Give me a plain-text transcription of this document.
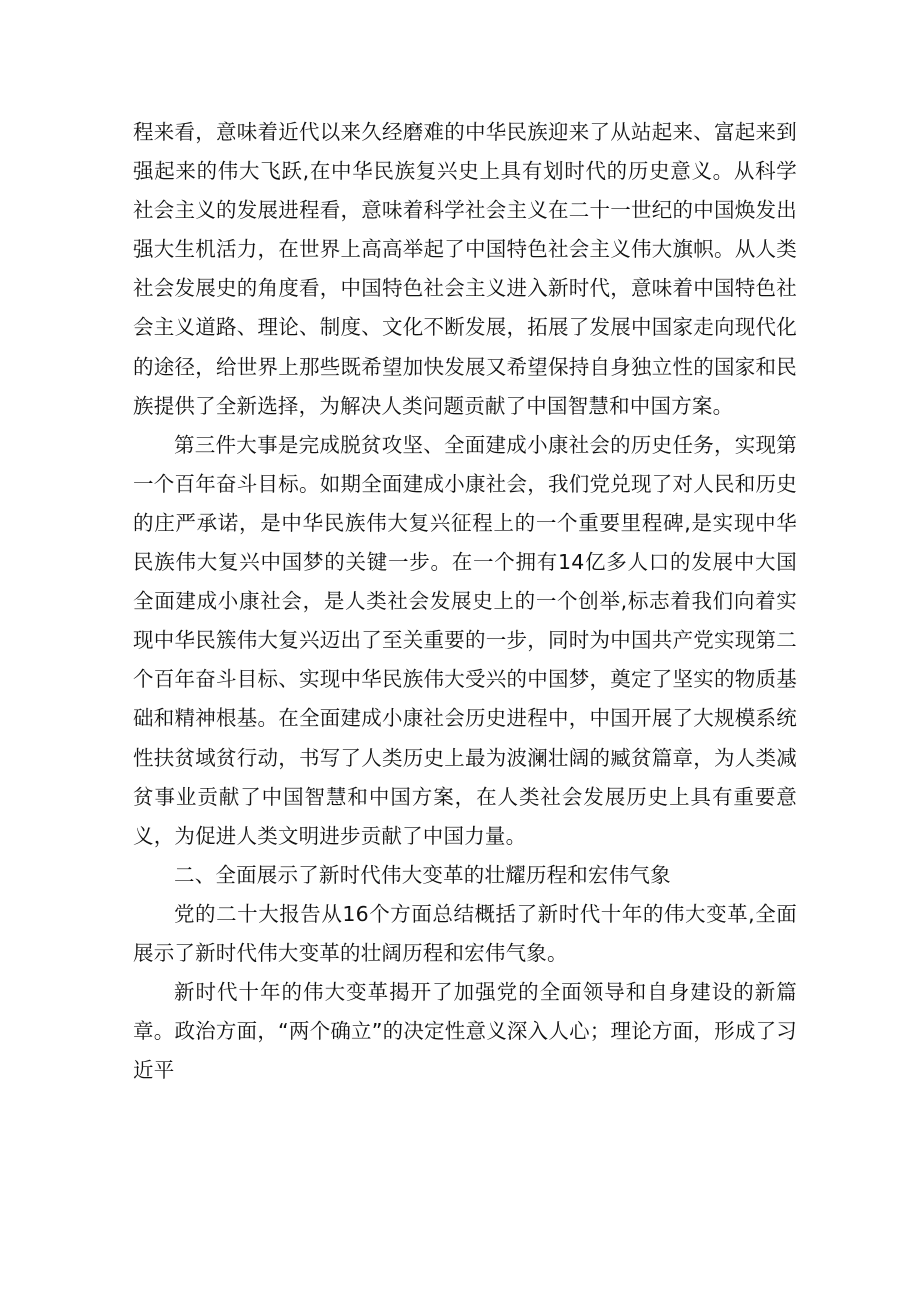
程来看，意味着近代以来久经磨难的中华民族迎来了从站起来、富起来到强起来的伟大飞跃,在中华民族复兴史上具有划时代的历史意义。从科学社会主义的发展进程看，意味着科学社会主义在二十一世纪的中国焕发出强大生机活力，在世界上高高举起了中国特色社会主义伟大旗帜。从人类社会发展史的角度看，中国特色社会主义进入新时代，意味着中国特色社会主义道路、理论、制度、文化不断发展，拓展了发展中国家走向现代化的途径，给世界上那些既希望加快发展又希望保持自身独立性的国家和民族提供了全新选择，为解决人类问题贡献了中国智慧和中国方案。

第三件大事是完成脱贫攻坚、全面建成小康社会的历史任务，实现第一个百年奋斗目标。如期全面建成小康社会，我们党兑现了对人民和历史的庄严承诺，是中华民族伟大复兴征程上的一个重要里程碑,是实现中华民族伟大复兴中国梦的关键一步。在一个拥有14亿多人口的发展中大国全面建成小康社会，是人类社会发展史上的一个创举,标志着我们向着实现中华民簇伟大复兴迈出了至关重要的一步，同时为中国共产党实现第二个百年奋斗目标、实现中华民族伟大受兴的中国梦，奠定了坚实的物质基础和精神根基。在全面建成小康社会历史进程中，中国开展了大规模系统性扶贫域贫行动，书写了人类历史上最为波澜壮阔的臧贫篇章，为人类减贫事业贡献了中国智慧和中国方案，在人类社会发展历史上具有重要意义，为促进人类文明进步贡献了中国力量。

二、全面展示了新时代伟大变革的壮耀历程和宏伟气象

党的二十大报告从16个方面总结概括了新时代十年的伟大变革,全面展示了新时代伟大变革的壮阔历程和宏伟气象。

新时代十年的伟大变革揭开了加强党的全面领导和自身建设的新篇章。政治方面，“两个确立”的决定性意义深入人心；理论方面，形成了习近平
